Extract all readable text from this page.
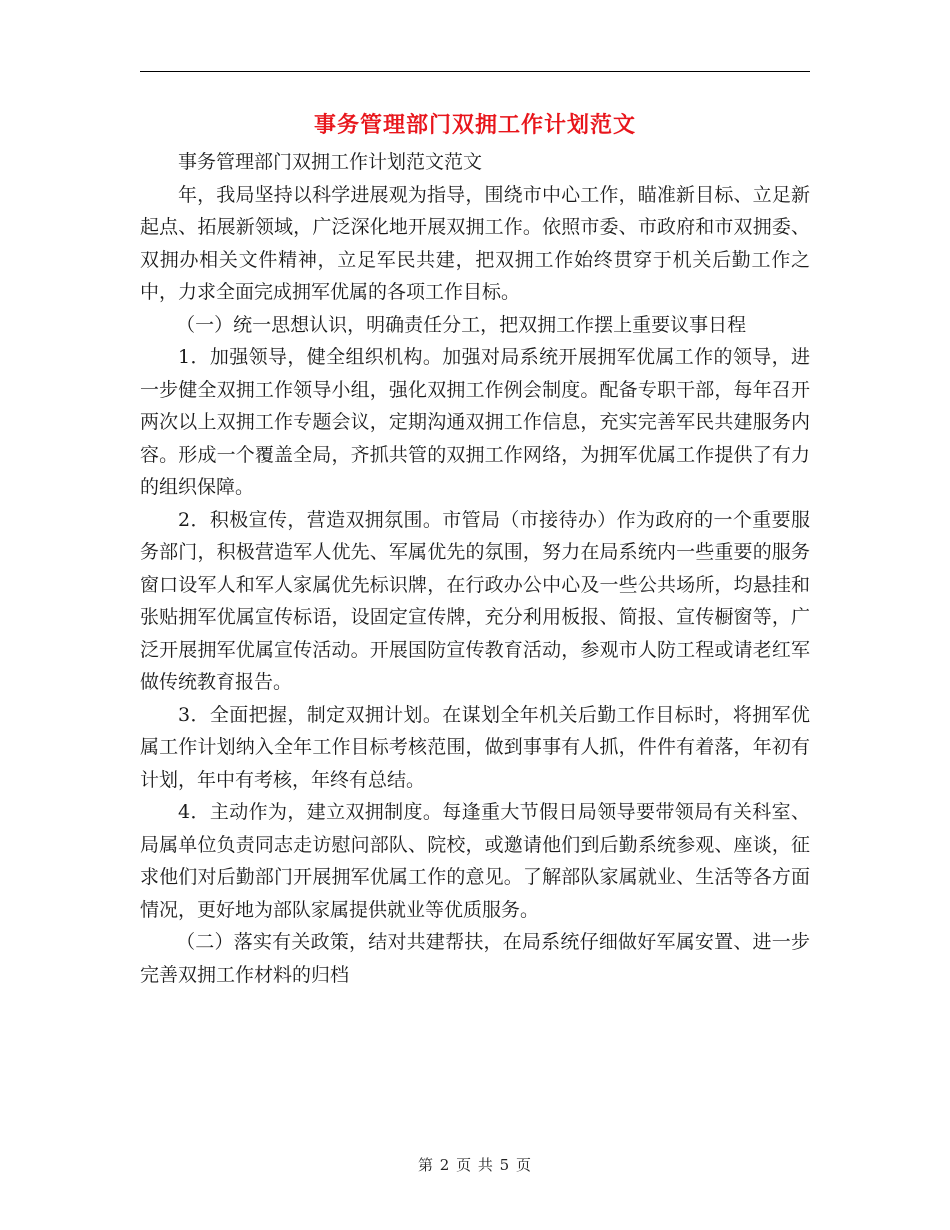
事务管理部门双拥工作计划范文

事务管理部门双拥工作计划范文范文

年，我局坚持以科学进展观为指导，围绕市中心工作，瞄准新目标、立足新起点、拓展新领域，广泛深化地开展双拥工作。依照市委、市政府和市双拥委、双拥办相关文件精神，立足军民共建，把双拥工作始终贯穿于机关后勤工作之中，力求全面完成拥军优属的各项工作目标。

（一）统一思想认识，明确责任分工，把双拥工作摆上重要议事日程

1．加强领导，健全组织机构。加强对局系统开展拥军优属工作的领导，进一步健全双拥工作领导小组，强化双拥工作例会制度。配备专职干部，每年召开两次以上双拥工作专题会议，定期沟通双拥工作信息，充实完善军民共建服务内容。形成一个覆盖全局，齐抓共管的双拥工作网络，为拥军优属工作提供了有力的组织保障。

2．积极宣传，营造双拥氛围。市管局（市接待办）作为政府的一个重要服务部门，积极营造军人优先、军属优先的氛围，努力在局系统内一些重要的服务窗口设军人和军人家属优先标识牌，在行政办公中心及一些公共场所，均悬挂和张贴拥军优属宣传标语，设固定宣传牌，充分利用板报、简报、宣传橱窗等，广泛开展拥军优属宣传活动。开展国防宣传教育活动，参观市人防工程或请老红军做传统教育报告。

3．全面把握，制定双拥计划。在谋划全年机关后勤工作目标时，将拥军优属工作计划纳入全年工作目标考核范围，做到事事有人抓，件件有着落，年初有计划，年中有考核，年终有总结。

4．主动作为，建立双拥制度。每逢重大节假日局领导要带领局有关科室、局属单位负责同志走访慰问部队、院校，或邀请他们到后勤系统参观、座谈，征求他们对后勤部门开展拥军优属工作的意见。了解部队家属就业、生活等各方面情况，更好地为部队家属提供就业等优质服务。

（二）落实有关政策，结对共建帮扶，在局系统仔细做好军属安置、进一步完善双拥工作材料的归档

第 2 页 共 5 页
